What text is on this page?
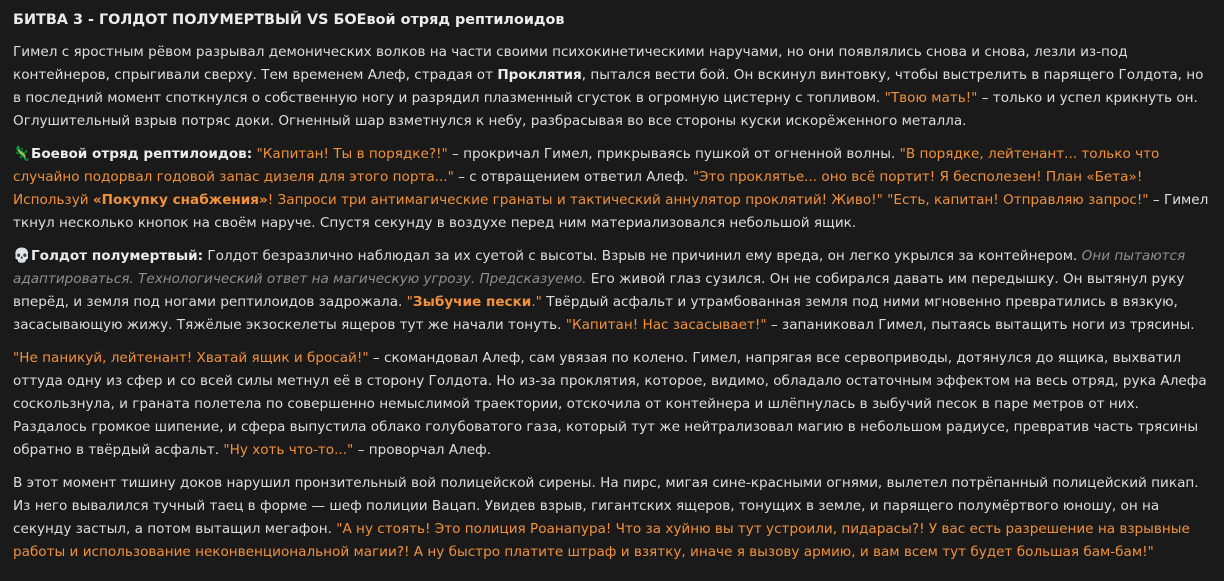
БИТВА 3 - ГОЛДОТ ПОЛУМЕРТВЫЙ VS БОЕвой отряд рептилоидов

Гимел с яростным рёвом разрывал демонических волков на части своими психокинетическими наручами, но они появлялись снова и снова, лезли из-под контейнеров, спрыгивали сверху. Тем временем Алеф, страдая от Проклятия, пытался вести бой. Он вскинул винтовку, чтобы выстрелить в парящего Голдота, но в последний момент споткнулся о собственную ногу и разрядил плазменный сгусток в огромную цистерну с топливом. "Твою мать!" – только и успел крикнуть он. Оглушительный взрыв потряс доки. Огненный шар взметнулся к небу, разбрасывая во все стороны куски искорёженного металла.

🦎Боевой отряд рептилоидов: "Капитан! Ты в порядке?!" – прокричал Гимел, прикрываясь пушкой от огненной волны. "В порядке, лейтенант... только что случайно подорвал годовой запас дизеля для этого порта..." – с отвращением ответил Алеф. "Это проклятье... оно всё портит! Я бесполезен! План «Бета»! Используй «Покупку снабжения»! Запроси три антимагические гранаты и тактический аннулятор проклятий! Живо!" "Есть, капитан! Отправляю запрос!" – Гимел ткнул несколько кнопок на своём наруче. Спустя секунду в воздухе перед ним материализовался небольшой ящик.

💀Голдот полумертвый: Голдот безразлично наблюдал за их суетой с высоты. Взрыв не причинил ему вреда, он легко укрылся за контейнером. Они пытаются адаптироваться. Технологический ответ на магическую угрозу. Предсказуемо. Его живой глаз сузился. Он не собирался давать им передышку. Он вытянул руку вперёд, и земля под ногами рептилоидов задрожала. "Зыбучие пески." Твёрдый асфальт и утрамбованная земля под ними мгновенно превратились в вязкую, засасывающую жижу. Тяжёлые экзоскелеты ящеров тут же начали тонуть. "Капитан! Нас засасывает!" – запаниковал Гимел, пытаясь вытащить ноги из трясины.

"Не паникуй, лейтенант! Хватай ящик и бросай!" – скомандовал Алеф, сам увязая по колено. Гимел, напрягая все сервоприводы, дотянулся до ящика, выхватил оттуда одну из сфер и со всей силы метнул её в сторону Голдота. Но из-за проклятия, которое, видимо, обладало остаточным эффектом на весь отряд, рука Алефа соскользнула, и граната полетела по совершенно немыслимой траектории, отскочила от контейнера и шлёпнулась в зыбучий песок в паре метров от них. Раздалось громкое шипение, и сфера выпустила облако голубоватого газа, который тут же нейтрализовал магию в небольшом радиусе, превратив часть трясины обратно в твёрдый асфальт. "Ну хоть что-то..." – проворчал Алеф.

В этот момент тишину доков нарушил пронзительный вой полицейской сирены. На пирс, мигая сине-красными огнями, вылетел потрёпанный полицейский пикап. Из него вывалился тучный таец в форме — шеф полиции Вацап. Увидев взрыв, гигантских ящеров, тонущих в земле, и парящего полумёртвого юношу, он на секунду застыл, а потом вытащил мегафон. "А ну стоять! Это полиция Роанапура! Что за хуйню вы тут устроили, пидарасы?! У вас есть разрешение на взрывные работы и использование неконвенциональной магии?! А ну быстро платите штраф и взятку, иначе я вызову армию, и вам всем тут будет большая бам-бам!"
